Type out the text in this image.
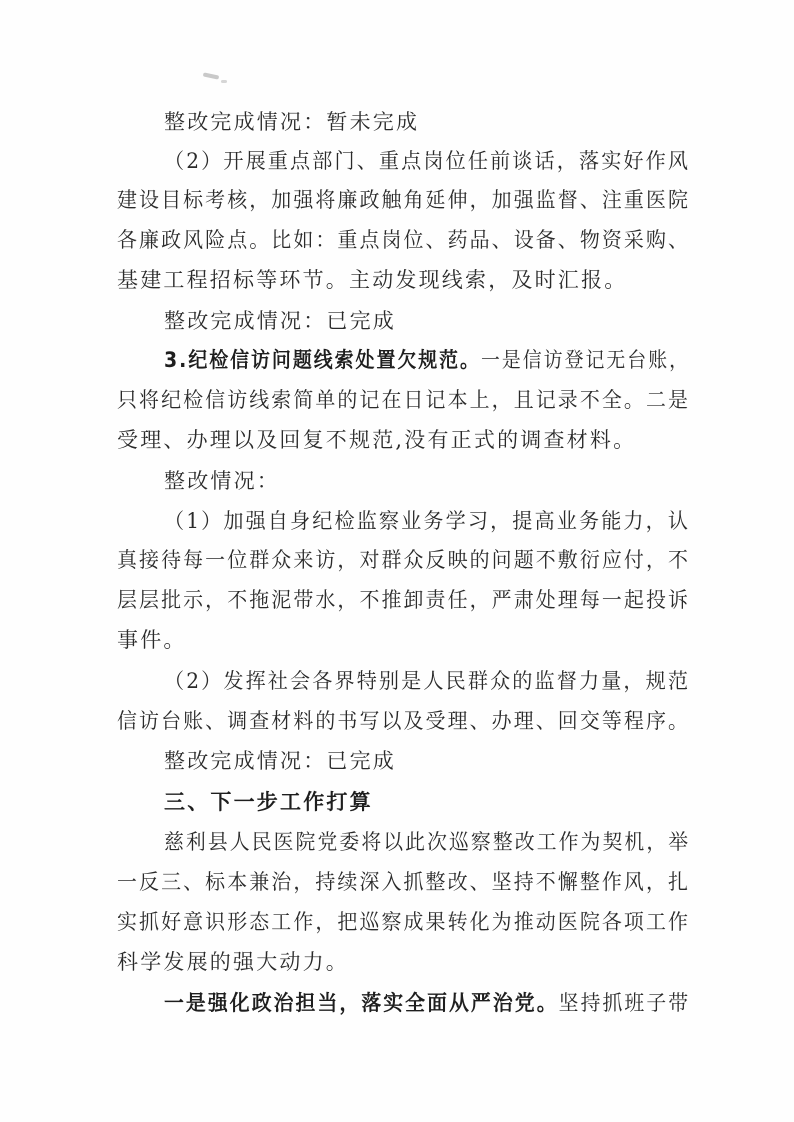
整改完成情况：暂未完成
（2）开展重点部门、重点岗位任前谈话，落实好作风
建设目标考核，加强将廉政触角延伸，加强监督、注重医院
各廉政风险点。比如：重点岗位、药品、设备、物资采购、
基建工程招标等环节。主动发现线索，及时汇报。
整改完成情况：已完成
3.纪检信访问题线索处置欠规范。一是信访登记无台账，
只将纪检信访线索简单的记在日记本上，且记录不全。二是
受理、办理以及回复不规范,没有正式的调查材料。
整改情况：
（1）加强自身纪检监察业务学习，提高业务能力，认
真接待每一位群众来访，对群众反映的问题不敷衍应付，不
层层批示，不拖泥带水，不推卸责任，严肃处理每一起投诉
事件。
（2）发挥社会各界特别是人民群众的监督力量，规范
信访台账、调查材料的书写以及受理、办理、回交等程序。
整改完成情况：已完成
三、下一步工作打算
慈利县人民医院党委将以此次巡察整改工作为契机，举
一反三、标本兼治，持续深入抓整改、坚持不懈整作风，扎
实抓好意识形态工作，把巡察成果转化为推动医院各项工作
科学发展的强大动力。
一是强化政治担当，落实全面从严治党。坚持抓班子带
